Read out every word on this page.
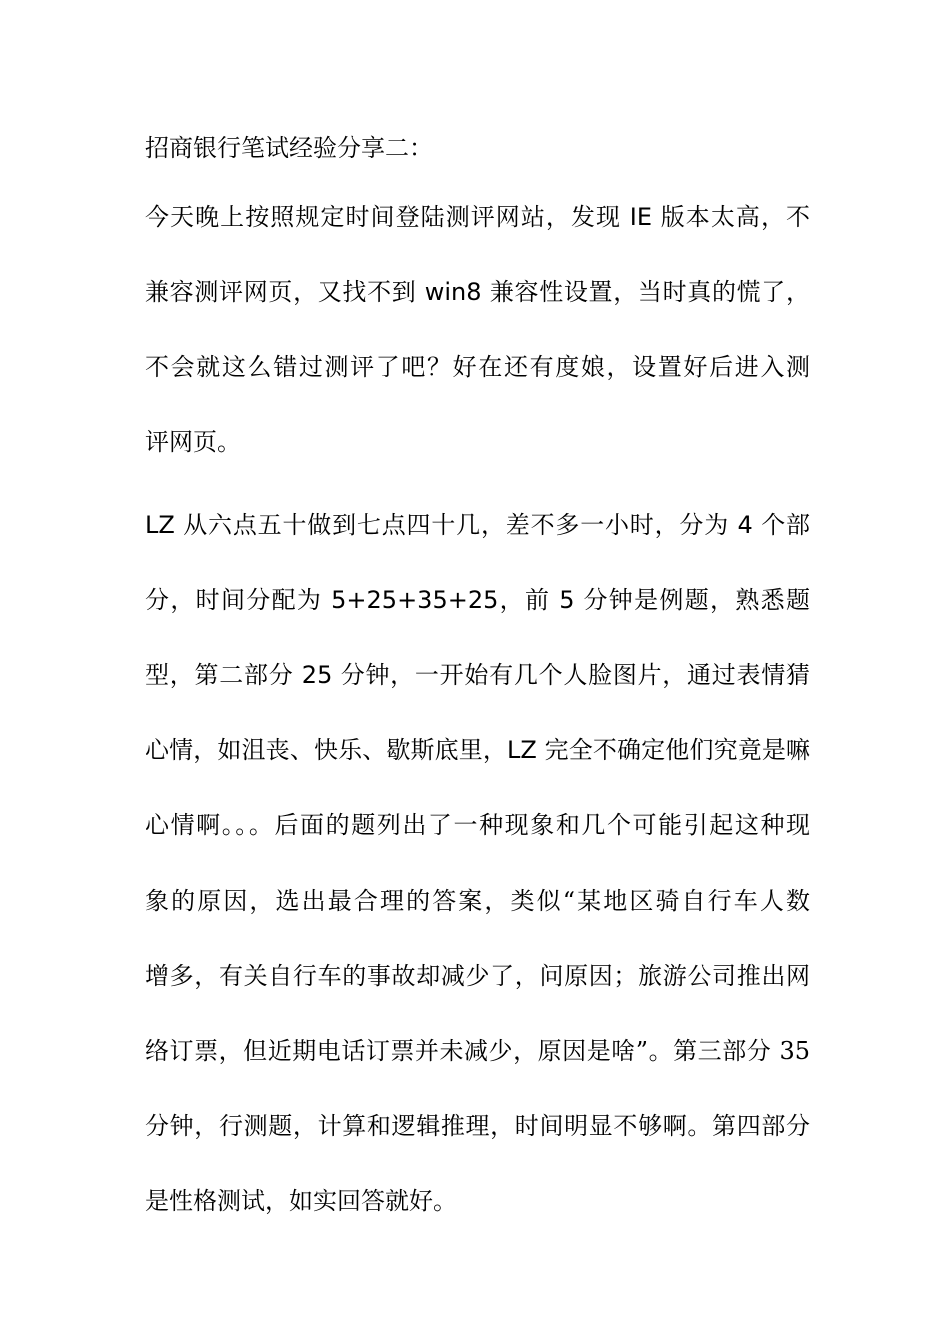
招商银行笔试经验分享二：
今天晚上按照规定时间登陆测评网站，发现 IE 版本太高，不
兼容测评网页，又找不到 win8 兼容性设置，当时真的慌了，
不会就这么错过测评了吧？好在还有度娘，设置好后进入测
评网页。
LZ 从六点五十做到七点四十几，差不多一小时，分为 4 个部
分，时间分配为 5+25+35+25，前 5 分钟是例题，熟悉题
型，第二部分 25 分钟，一开始有几个人脸图片，通过表情猜
心情，如沮丧、快乐、歇斯底里，LZ 完全不确定他们究竟是嘛
心情啊。。。后面的题列出了一种现象和几个可能引起这种现
象的原因，选出最合理的答案，类似“某地区骑自行车人数
增多，有关自行车的事故却减少了，问原因；旅游公司推出网
络订票，但近期电话订票并未减少，原因是啥”。第三部分 35
分钟，行测题，计算和逻辑推理，时间明显不够啊。第四部分
是性格测试，如实回答就好。
